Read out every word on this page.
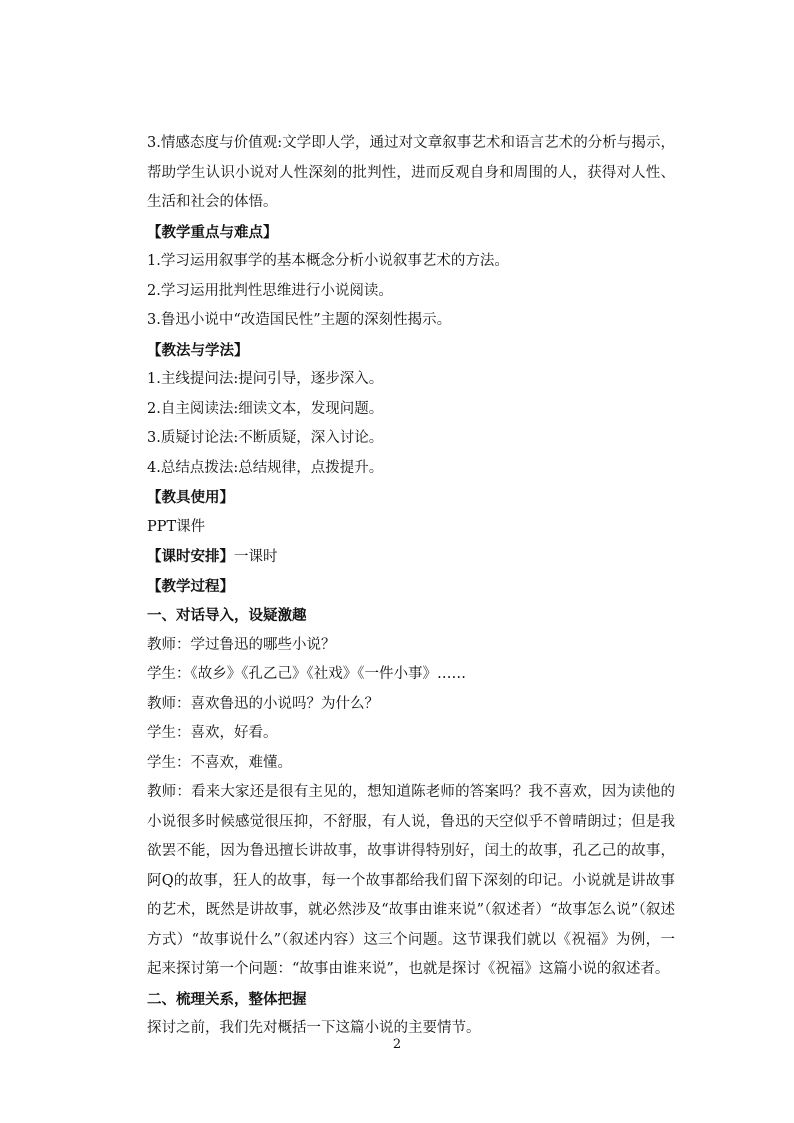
3.情感态度与价值观:文学即人学，通过对文章叙事艺术和语言艺术的分析与揭示，帮助学生认识小说对人性深刻的批判性，进而反观自身和周围的人，获得对人性、生活和社会的体悟。
【教学重点与难点】
1.学习运用叙事学的基本概念分析小说叙事艺术的方法。
2.学习运用批判性思维进行小说阅读。
3.鲁迅小说中“改造国民性”主题的深刻性揭示。
【教法与学法】
1.主线提问法:提问引导，逐步深入。
2.自主阅读法:细读文本，发现问题。
3.质疑讨论法:不断质疑，深入讨论。
4.总结点拨法:总结规律，点拨提升。
【教具使用】
PPT课件
【课时安排】一课时
【教学过程】
一、对话导入，设疑激趣
教师：学过鲁迅的哪些小说？
学生：《故乡》《孔乙己》《社戏》《一件小事》……
教师：喜欢鲁迅的小说吗？为什么？
学生：喜欢，好看。
学生：不喜欢，难懂。
教师：看来大家还是很有主见的，想知道陈老师的答案吗？我不喜欢，因为读他的小说很多时候感觉很压抑，不舒服，有人说，鲁迅的天空似乎不曾晴朗过；但是我欲罢不能，因为鲁迅擅长讲故事，故事讲得特别好，闰土的故事，孔乙己的故事，阿Q的故事，狂人的故事，每一个故事都给我们留下深刻的印记。小说就是讲故事的艺术，既然是讲故事，就必然涉及“故事由谁来说”（叙述者）“故事怎么说”（叙述方式）“故事说什么”（叙述内容）这三个问题。这节课我们就以《祝福》为例，一起来探讨第一个问题：“故事由谁来说”，也就是探讨《祝福》这篇小说的叙述者。
二、梳理关系，整体把握
探讨之前，我们先对概括一下这篇小说的主要情节。
2
